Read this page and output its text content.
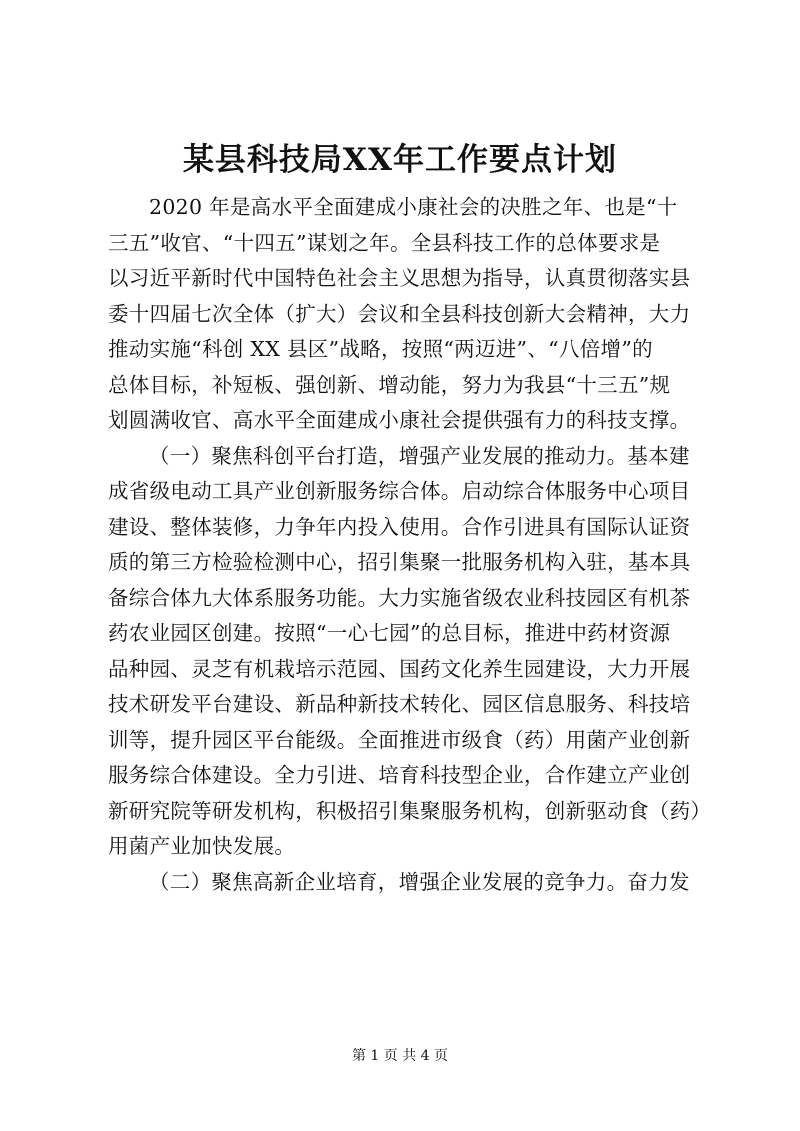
某县科技局XX年工作要点计划
2020 年是高水平全面建成小康社会的决胜之年、也是“十
三五”收官、“十四五”谋划之年。全县科技工作的总体要求是
以习近平新时代中国特色社会主义思想为指导，认真贯彻落实县
委十四届七次全体（扩大）会议和全县科技创新大会精神，大力
推动实施“科创 XX 县区”战略，按照“两迈进”、“八倍增”的
总体目标，补短板、强创新、增动能，努力为我县“十三五”规
划圆满收官、高水平全面建成小康社会提供强有力的科技支撑。
（一）聚焦科创平台打造，增强产业发展的推动力。基本建
成省级电动工具产业创新服务综合体。启动综合体服务中心项目
建设、整体装修，力争年内投入使用。合作引进具有国际认证资
质的第三方检验检测中心，招引集聚一批服务机构入驻，基本具
备综合体九大体系服务功能。大力实施省级农业科技园区有机茶
药农业园区创建。按照“一心七园”的总目标，推进中药材资源
品种园、灵芝有机栽培示范园、国药文化养生园建设，大力开展
技术研发平台建设、新品种新技术转化、园区信息服务、科技培
训等，提升园区平台能级。全面推进市级食（药）用菌产业创新
服务综合体建设。全力引进、培育科技型企业，合作建立产业创
新研究院等研发机构，积极招引集聚服务机构，创新驱动食（药）
用菌产业加快发展。
（二）聚焦高新企业培育，增强企业发展的竞争力。奋力发
第 1 页 共 4 页
